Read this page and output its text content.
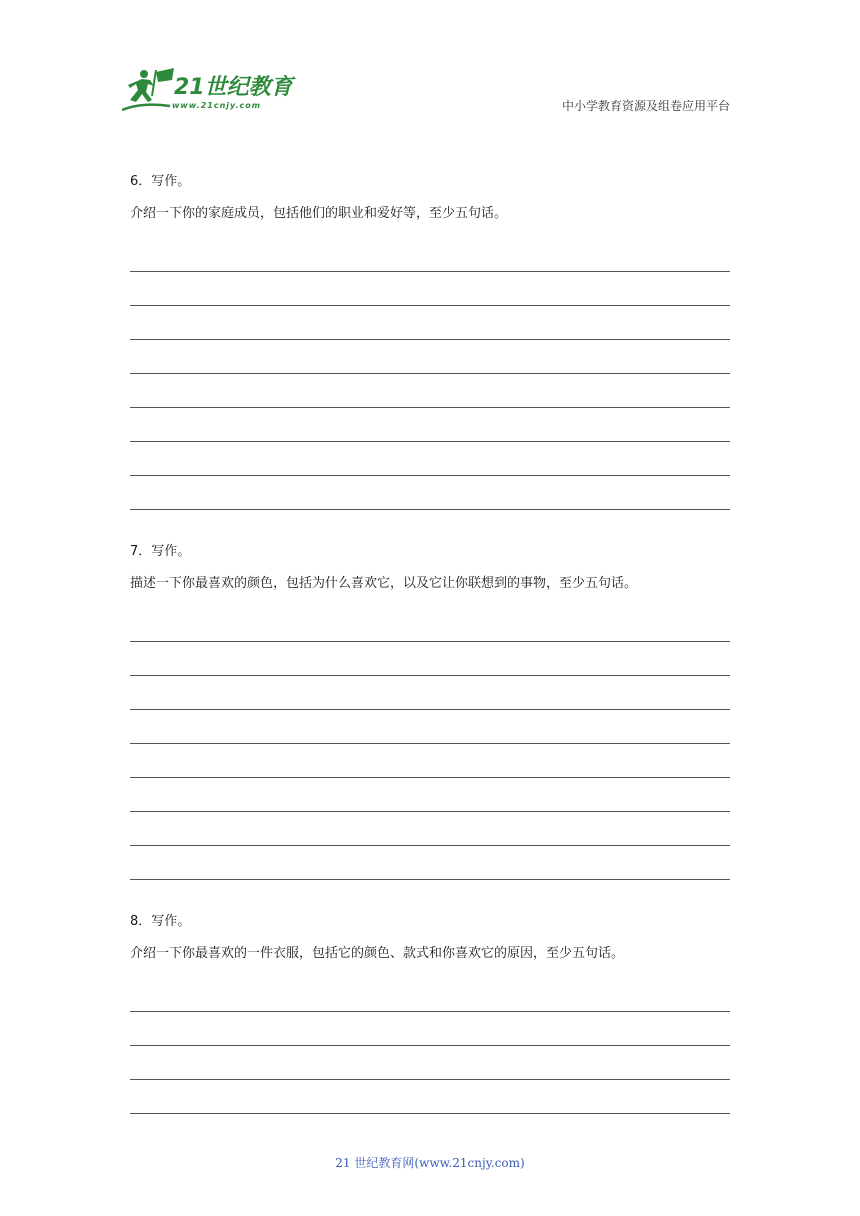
21世纪教育
www.21cnjy.com	中小学教育资源及组卷应用平台
6．写作。
介绍一下你的家庭成员，包括他们的职业和爱好等，至少五句话。
7．写作。
描述一下你最喜欢的颜色，包括为什么喜欢它，以及它让你联想到的事物，至少五句话。
8．写作。
介绍一下你最喜欢的一件衣服，包括它的颜色、款式和你喜欢它的原因，至少五句话。
21 世纪教育网(www.21cnjy.com)
